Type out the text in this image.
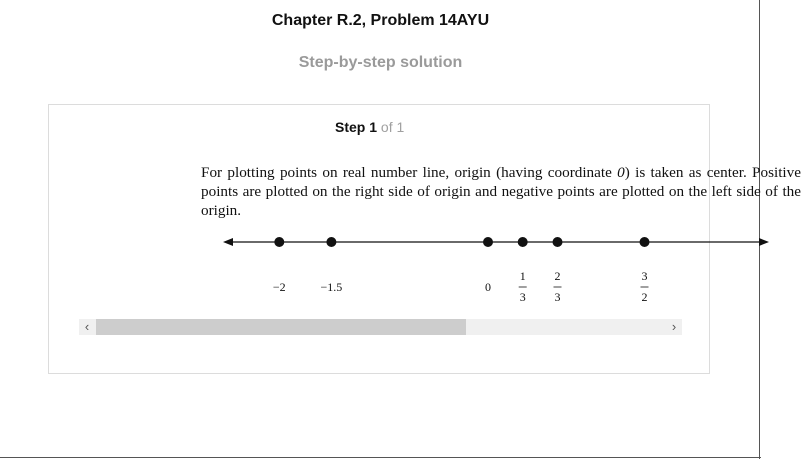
Chapter R.2, Problem 14AYU
Step-by-step solution
Step 1 of 1

For plotting points on real number line, origin (having coordinate 0) is taken as center. Positive points are plotted on the right side of origin and negative points are plotted on the left side of the origin.

−2	−1.5	0
1
3
2
3
3
2
‹	›
